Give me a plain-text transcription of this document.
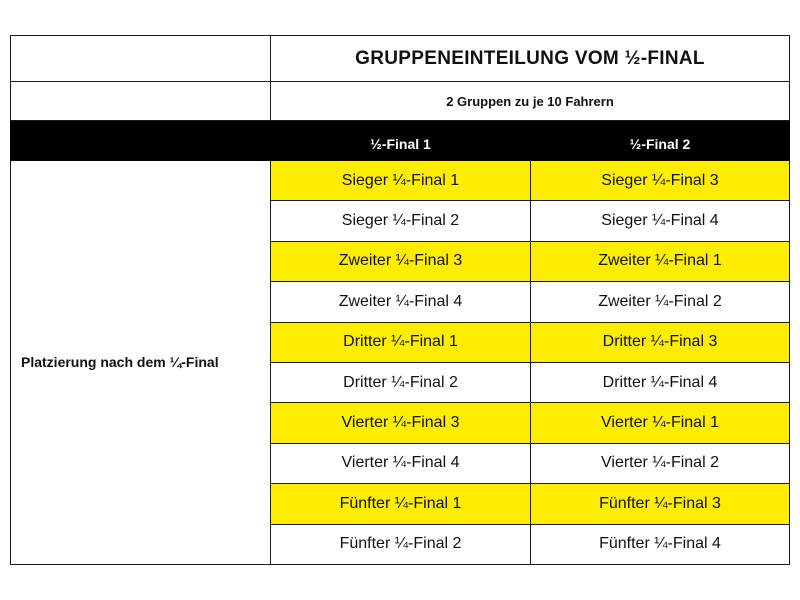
	GRUPPENEINTEILUNG VOM ½-FINAL	
	2 Gruppen zu je 10 Fahrern	
	½-Final 1	½-Final 2
Platzierung nach dem ¼-Final	Sieger ¼-Final 1	Sieger ¼-Final 3
	Sieger ¼-Final 2	Sieger ¼-Final 4
	Zweiter ¼-Final 3	Zweiter ¼-Final 1
	Zweiter ¼-Final 4	Zweiter ¼-Final 2
	Dritter ¼-Final 1	Dritter ¼-Final 3
	Dritter ¼-Final 2	Dritter ¼-Final 4
	Vierter ¼-Final 3	Vierter ¼-Final 1
	Vierter ¼-Final 4	Vierter ¼-Final 2
	Fünfter ¼-Final 1	Fünfter ¼-Final 3
	Fünfter ¼-Final 2	Fünfter ¼-Final 4
